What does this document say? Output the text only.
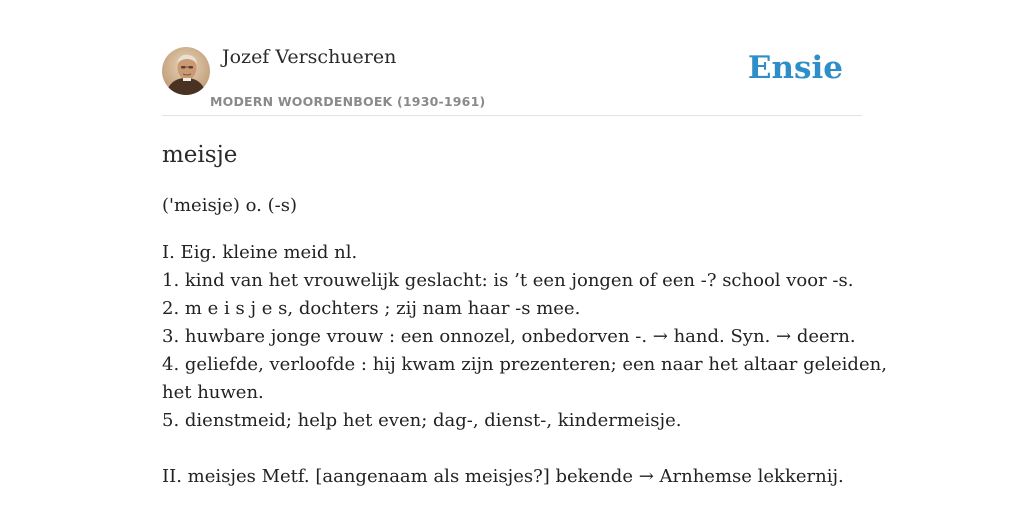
Jozef Verschueren
MODERN WOORDENBOEK (1930-1961)
Ensie
meisje
('meisje) o. (-s)
I. Eig. kleine meid nl.
1. kind van het vrouwelijk geslacht: is ’t een jongen of een -? school voor -s.
2. m e i s j e s, dochters ; zij nam haar -s mee.
3. huwbare jonge vrouw : een onnozel, onbedorven -. → hand. Syn. → deern.
4. geliefde, verloofde : hij kwam zijn prezenteren; een naar het altaar geleiden,
het huwen.
5. dienstmeid; help het even; dag-, dienst-, kindermeisje.
II. meisjes Metf. [aangenaam als meisjes?] bekende → Arnhemse lekkernij.
